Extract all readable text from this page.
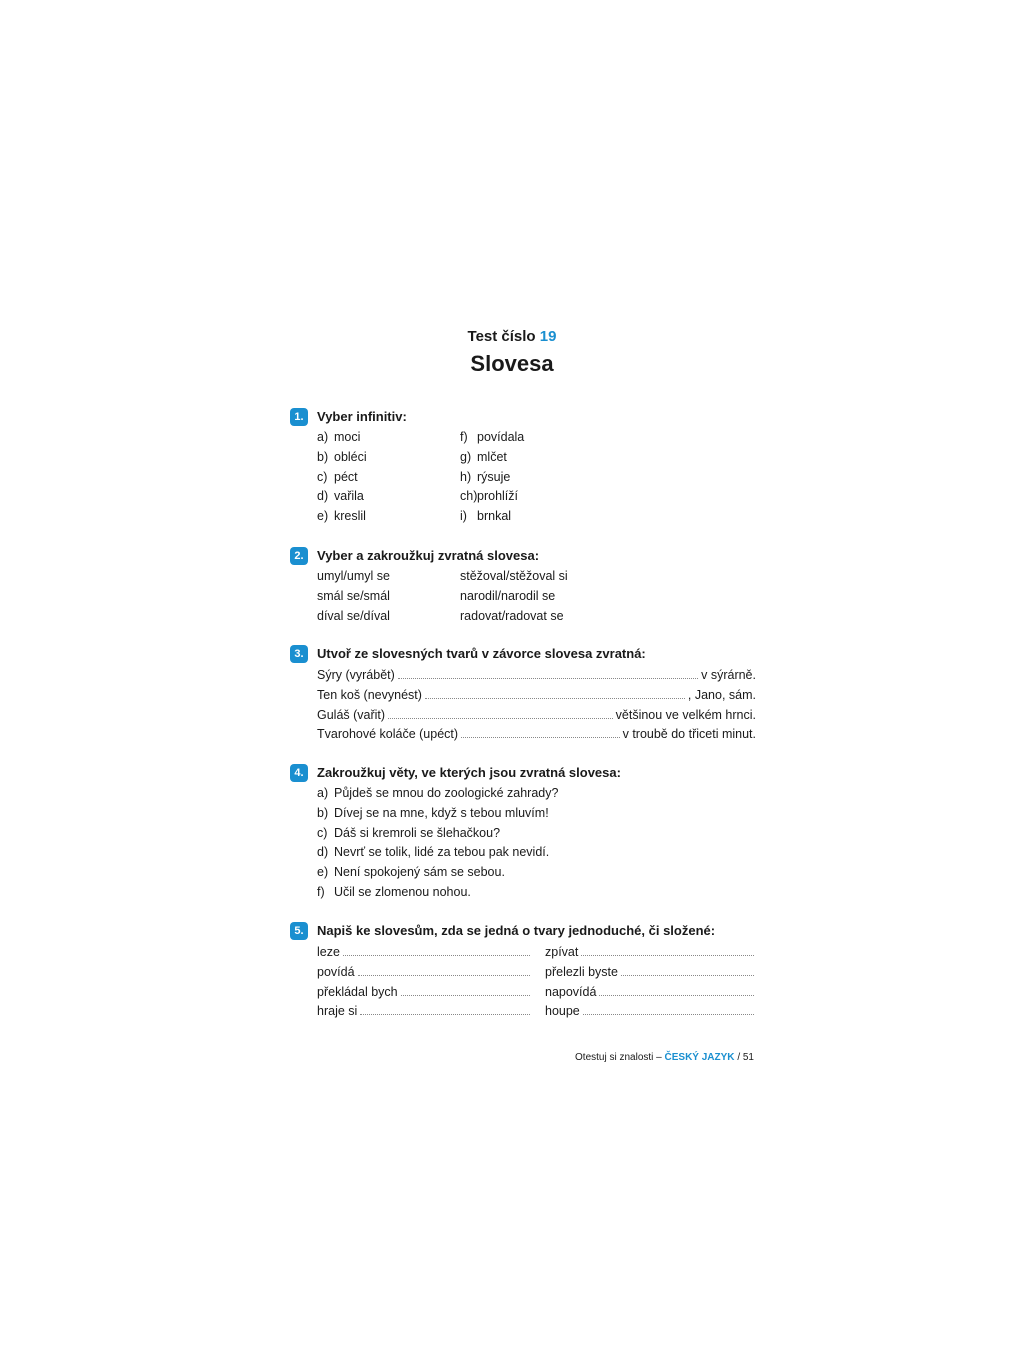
Test číslo 19
Slovesa
1.	Vyber infinitiv:
a) moci	f) povídala
b) obléci	g) mlčet
c) péct	h) rýsuje
d) vařila	ch)prohlíží
e) kreslil	i) brnkal
2.	Vyber a zakroužkuj zvratná slovesa:
umyl/umyl se	stěžoval/stěžoval si
smál se/smál	narodil/narodil se
díval se/díval	radovat/radovat se
3.	Utvoř ze slovesných tvarů v závorce slovesa zvratná:
Sýry (vyrábět)	v sýrárně.
Ten koš (nevynést)	, Jano, sám.
Guláš (vařit)	většinou ve velkém hrnci.
Tvarohové koláče (upéct)	v troubě do třiceti minut.
4.	Zakroužkuj věty, ve kterých jsou zvratná slovesa:
a) Půjdeš se mnou do zoologické zahrady?
b) Dívej se na mne, když s tebou mluvím!
c) Dáš si kremroli se šlehačkou?
d) Nevrť se tolik, lidé za tebou pak nevidí.
e) Není spokojený sám se sebou.
f) Učil se zlomenou nohou.
5.	Napiš ke slovesům, zda se jedná o tvary jednoduché, či složené:
leze	zpívat
povídá	přelezli byste
překládal bych	napovídá
hraje si	houpe
Otestuj si znalosti – ČESKÝ JAZYK / 51
